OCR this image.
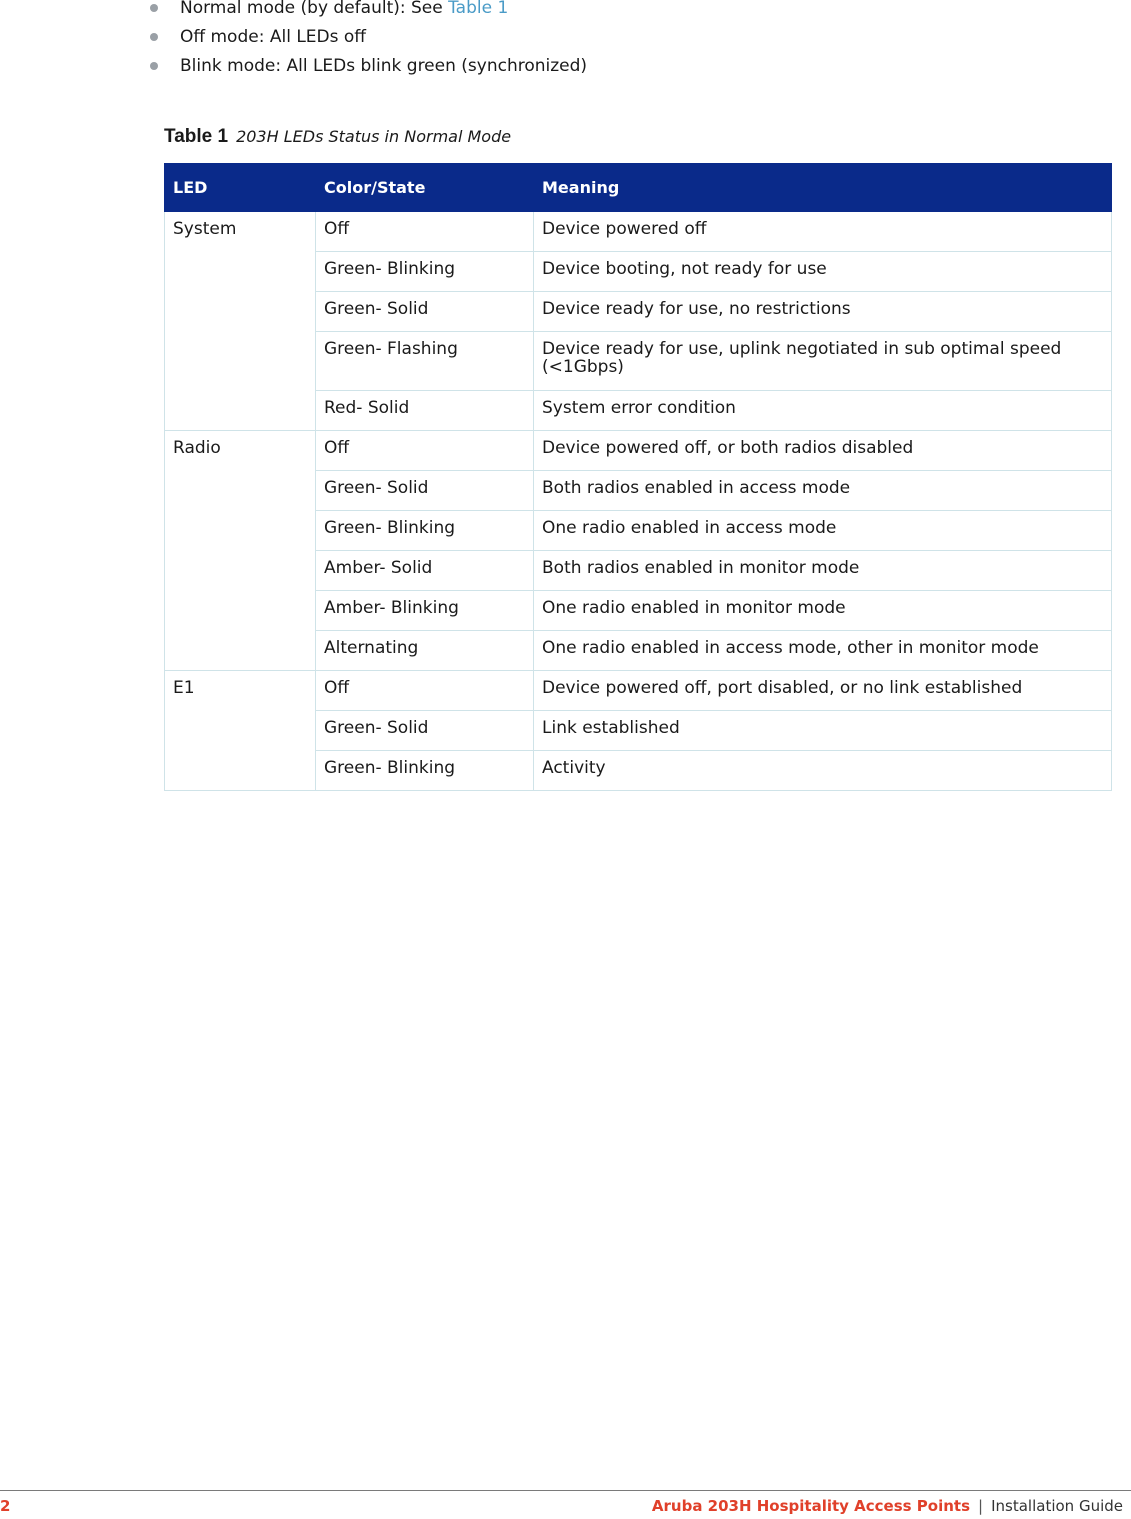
Normal mode (by default): See Table 1
Off mode: All LEDs off
Blink mode: All LEDs blink green (synchronized)
Table 1 203H LEDs Status in Normal Mode
LED	Color/State	Meaning
System	Off	Device powered off
	Green- Blinking	Device booting, not ready for use
	Green- Solid	Device ready for use, no restrictions
	Green- Flashing	Device ready for use, uplink negotiated in sub optimal speed (<1Gbps)
	Red- Solid	System error condition
Radio	Off	Device powered off, or both radios disabled
	Green- Solid	Both radios enabled in access mode
	Green- Blinking	One radio enabled in access mode
	Amber- Solid	Both radios enabled in monitor mode
	Amber- Blinking	One radio enabled in monitor mode
	Alternating	One radio enabled in access mode, other in monitor mode
E1	Off	Device powered off, port disabled, or no link established
	Green- Solid	Link established
	Green- Blinking	Activity
2	Aruba 203H Hospitality Access Points | Installation Guide
